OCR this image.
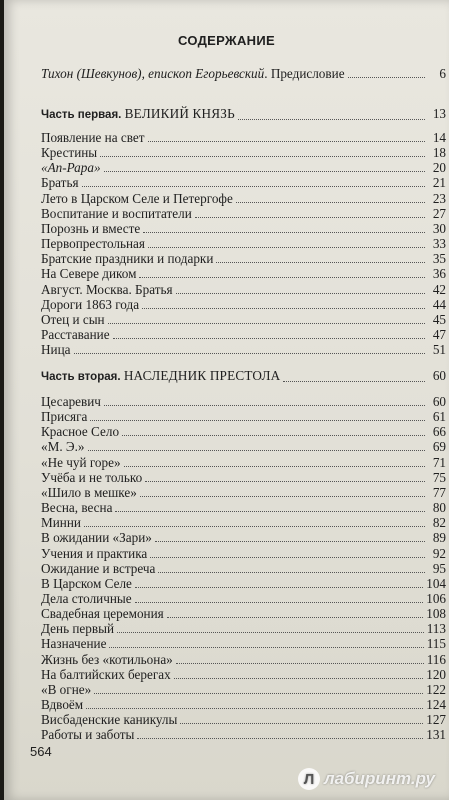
СОДЕРЖАНИЕ
Тихон (Шевкунов), епископ Егорьевский. Предисловие	6
Часть первая. ВЕЛИКИЙ КНЯЗЬ	13
Появление на свет	14
Крестины	18
«Ап-Рара»	20
Братья	21
Лето в Царском Селе и Петергофе	23
Воспитание и воспитатели	27
Порознь и вместе	30
Первопрестольная	33
Братские праздники и подарки	35
На Севере диком	36
Август. Москва. Братья	42
Дороги 1863 года	44
Отец и сын	45
Расставание	47
Ница	51
Часть вторая. НАСЛЕДНИК ПРЕСТОЛА	60
Цесаревич	60
Присяга	61
Красное Село	66
«М. Э.»	69
«Не чуй горе»	71
Учёба и не только	75
«Шило в мешке»	77
Весна, весна	80
Минни	82
В ожидании «Зари»	89
Учения и практика	92
Ожидание и встреча	95
В Царском Селе	104
Дела столичные	106
Свадебная церемония	108
День первый	113
Назначение	115
Жизнь без «котильона»	116
На балтийских берегах	120
«В огне»	122
Вдвоём	124
Висбаденские каникулы	127
Работы и заботы	131
564
Л лабиринт.ру
